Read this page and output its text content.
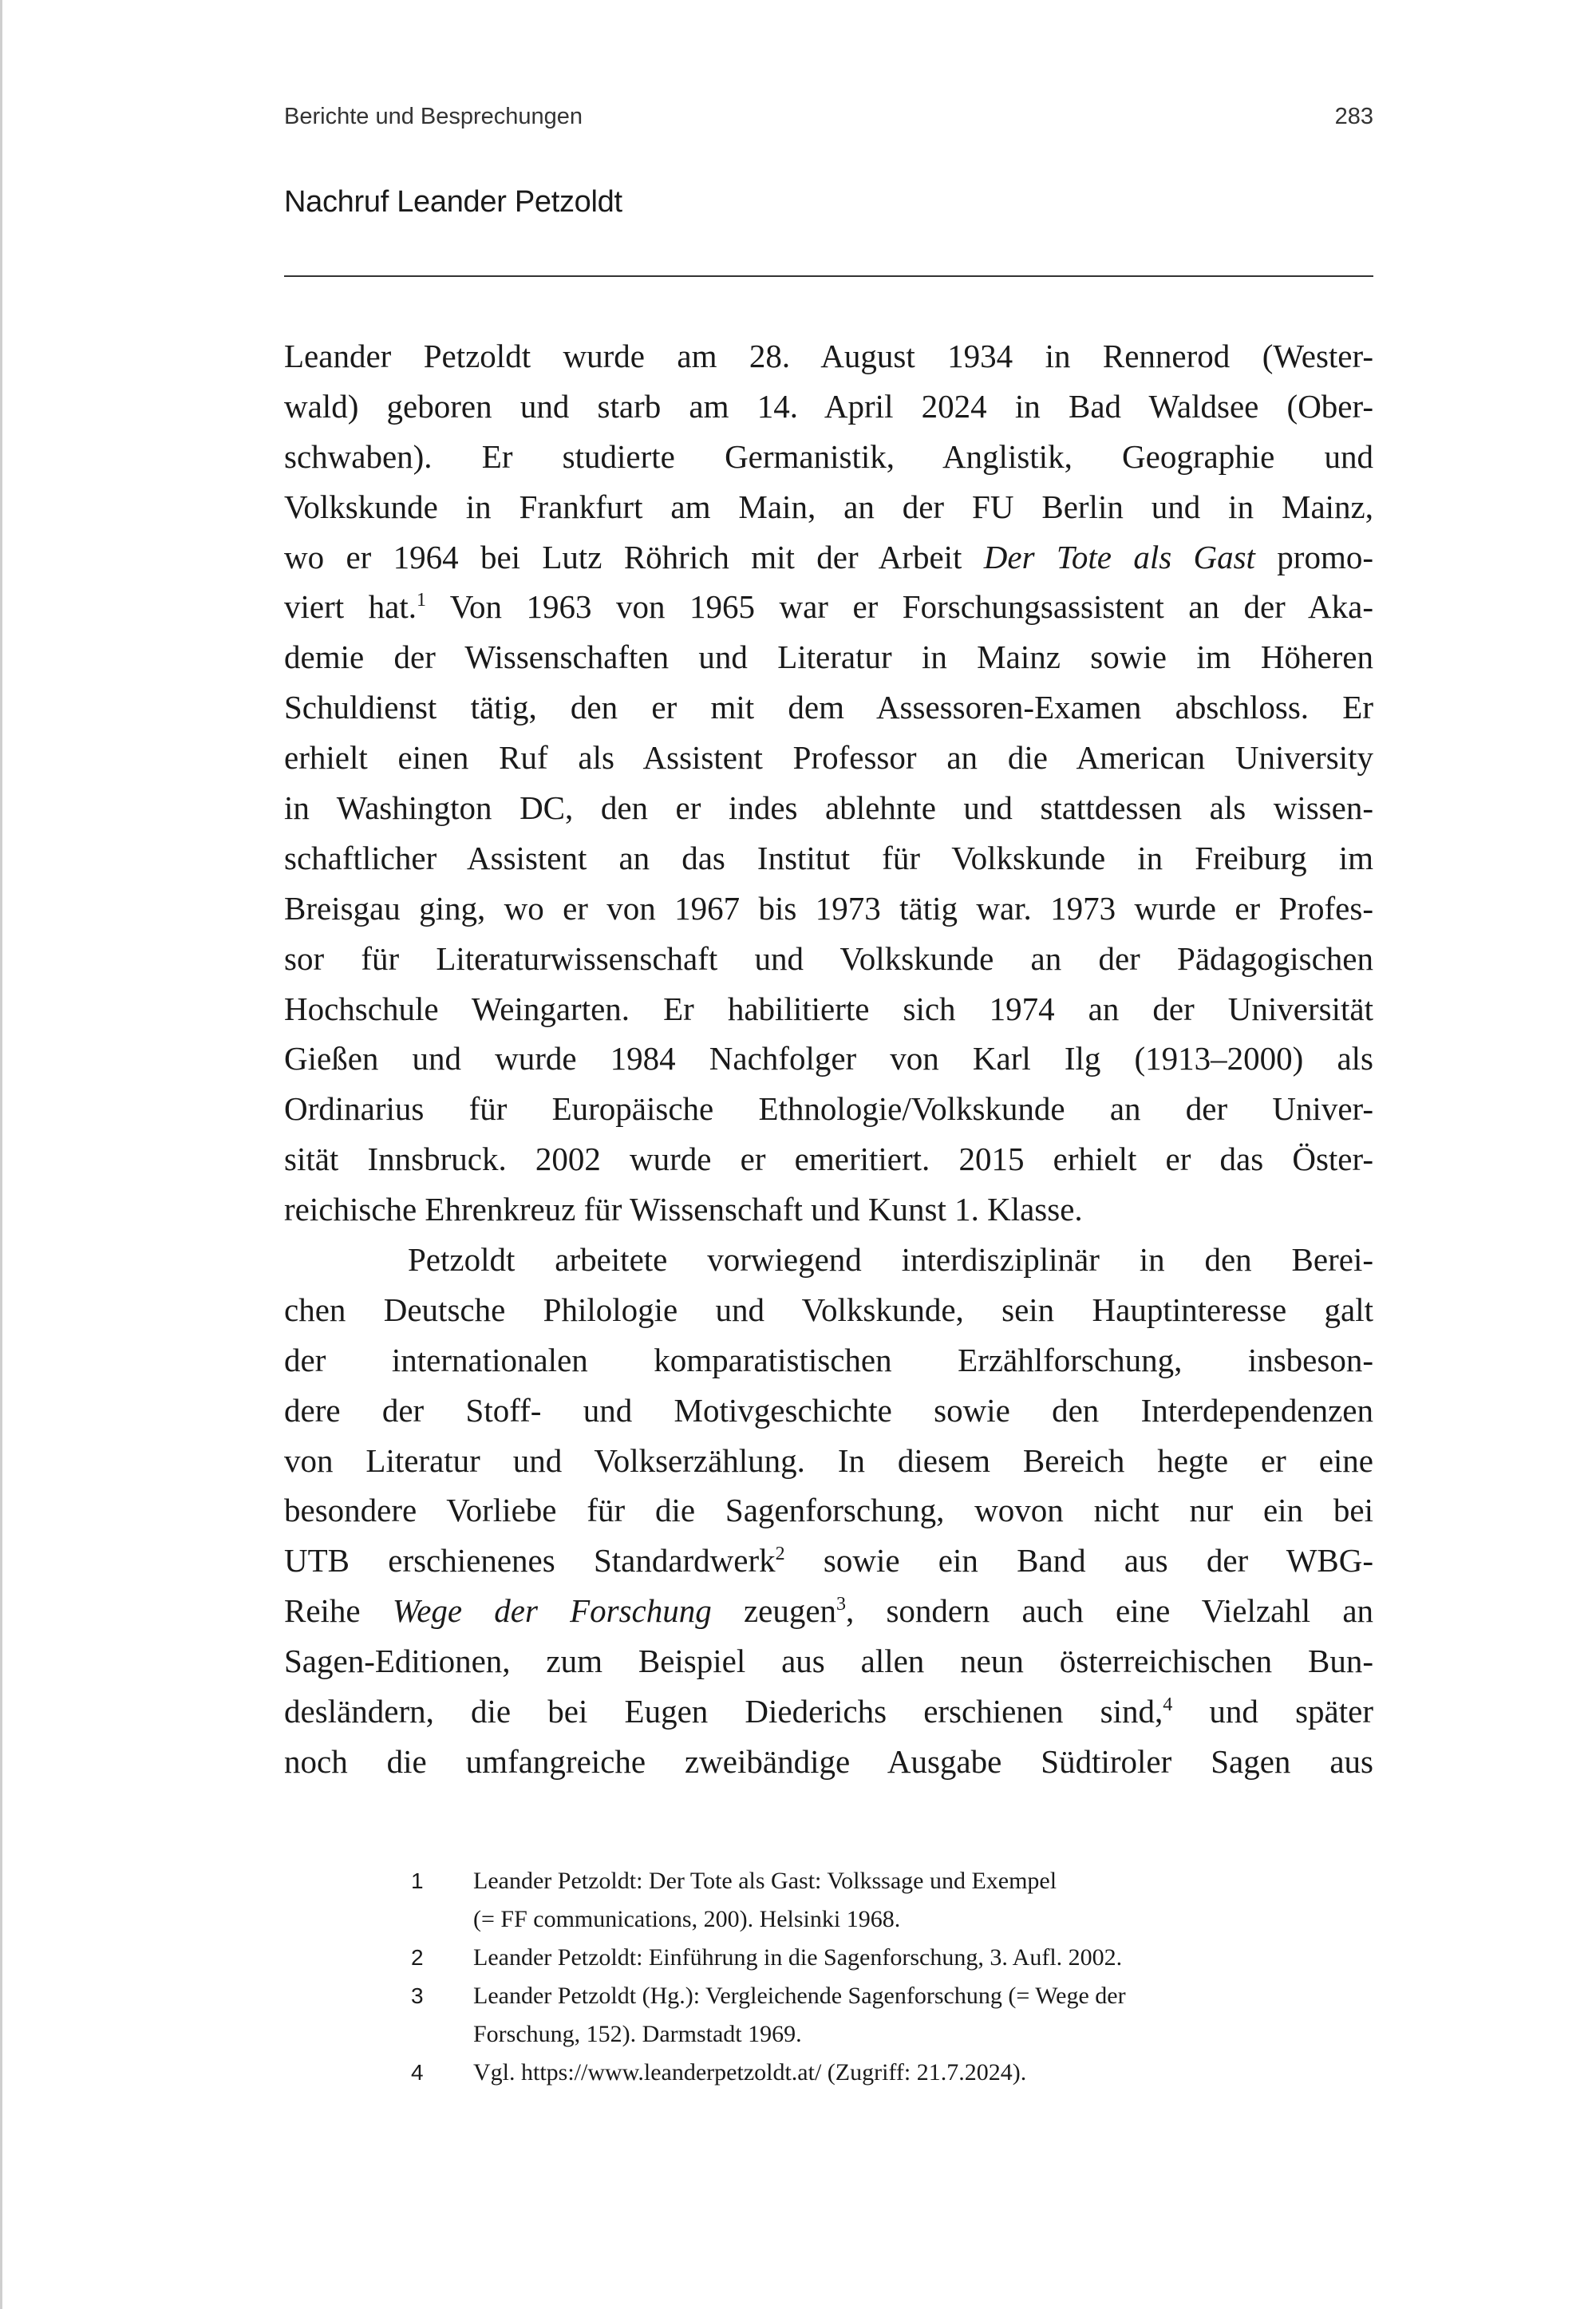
Berichte und Besprechungen	283
Nachruf Leander Petzoldt
Leander Petzoldt wurde am 28. August 1934 in Rennerod (Wester-
wald) geboren und starb am 14. April 2024 in Bad Waldsee (Ober-
schwaben). Er studierte Germanistik, Anglistik, Geographie und
Volkskunde in Frankfurt am Main, an der FU Berlin und in Mainz,
wo er 1964 bei Lutz Röhrich mit der Arbeit Der Tote als Gast promo-
viert hat.$^1$ Von 1963 von 1965 war er Forschungsassistent an der Aka-
demie der Wissenschaften und Literatur in Mainz sowie im Höheren
Schuldienst tätig, den er mit dem Assessoren-Examen abschloss. Er
erhielt einen Ruf als Assistent Professor an die American University
in Washington DC, den er indes ablehnte und stattdessen als wissen-
schaftlicher Assistent an das Institut für Volkskunde in Freiburg im
Breisgau ging, wo er von 1967 bis 1973 tätig war. 1973 wurde er Profes-
sor für Literaturwissenschaft und Volkskunde an der Pädagogischen
Hochschule Weingarten. Er habilitierte sich 1974 an der Universität
Gießen und wurde 1984 Nachfolger von Karl Ilg (1913–2000) als
Ordinarius für Europäische Ethnologie/Volkskunde an der Univer-
sität Innsbruck. 2002 wurde er emeritiert. 2015 erhielt er das Öster-
reichische Ehrenkreuz für Wissenschaft und Kunst 1. Klasse.
Petzoldt arbeitete vorwiegend interdisziplinär in den Berei-
chen Deutsche Philologie und Volkskunde, sein Hauptinteresse galt
der internationalen komparatistischen Erzählforschung, insbeson-
dere der Stoff- und Motivgeschichte sowie den Interdependenzen
von Literatur und Volkserzählung. In diesem Bereich hegte er eine
besondere Vorliebe für die Sagenforschung, wovon nicht nur ein bei
UTB erschienenes Standardwerk$^2$ sowie ein Band aus der WBG-
Reihe Wege der Forschung zeugen$^3$, sondern auch eine Vielzahl an
Sagen-Editionen, zum Beispiel aus allen neun österreichischen Bun-
desländern, die bei Eugen Diederichs erschienen sind,$^4$ und später
noch die umfangreiche zweibändige Ausgabe Südtiroler Sagen aus
1	Leander Petzoldt: Der Tote als Gast: Volkssage und Exempel
(= FF communications, 200). Helsinki 1968.
2	Leander Petzoldt: Einführung in die Sagenforschung, 3. Aufl. 2002.
3	Leander Petzoldt (Hg.): Vergleichende Sagenforschung (= Wege der
Forschung, 152). Darmstadt 1969.
4	Vgl. https://www.leanderpetzoldt.at/ (Zugriff: 21.7.2024).
